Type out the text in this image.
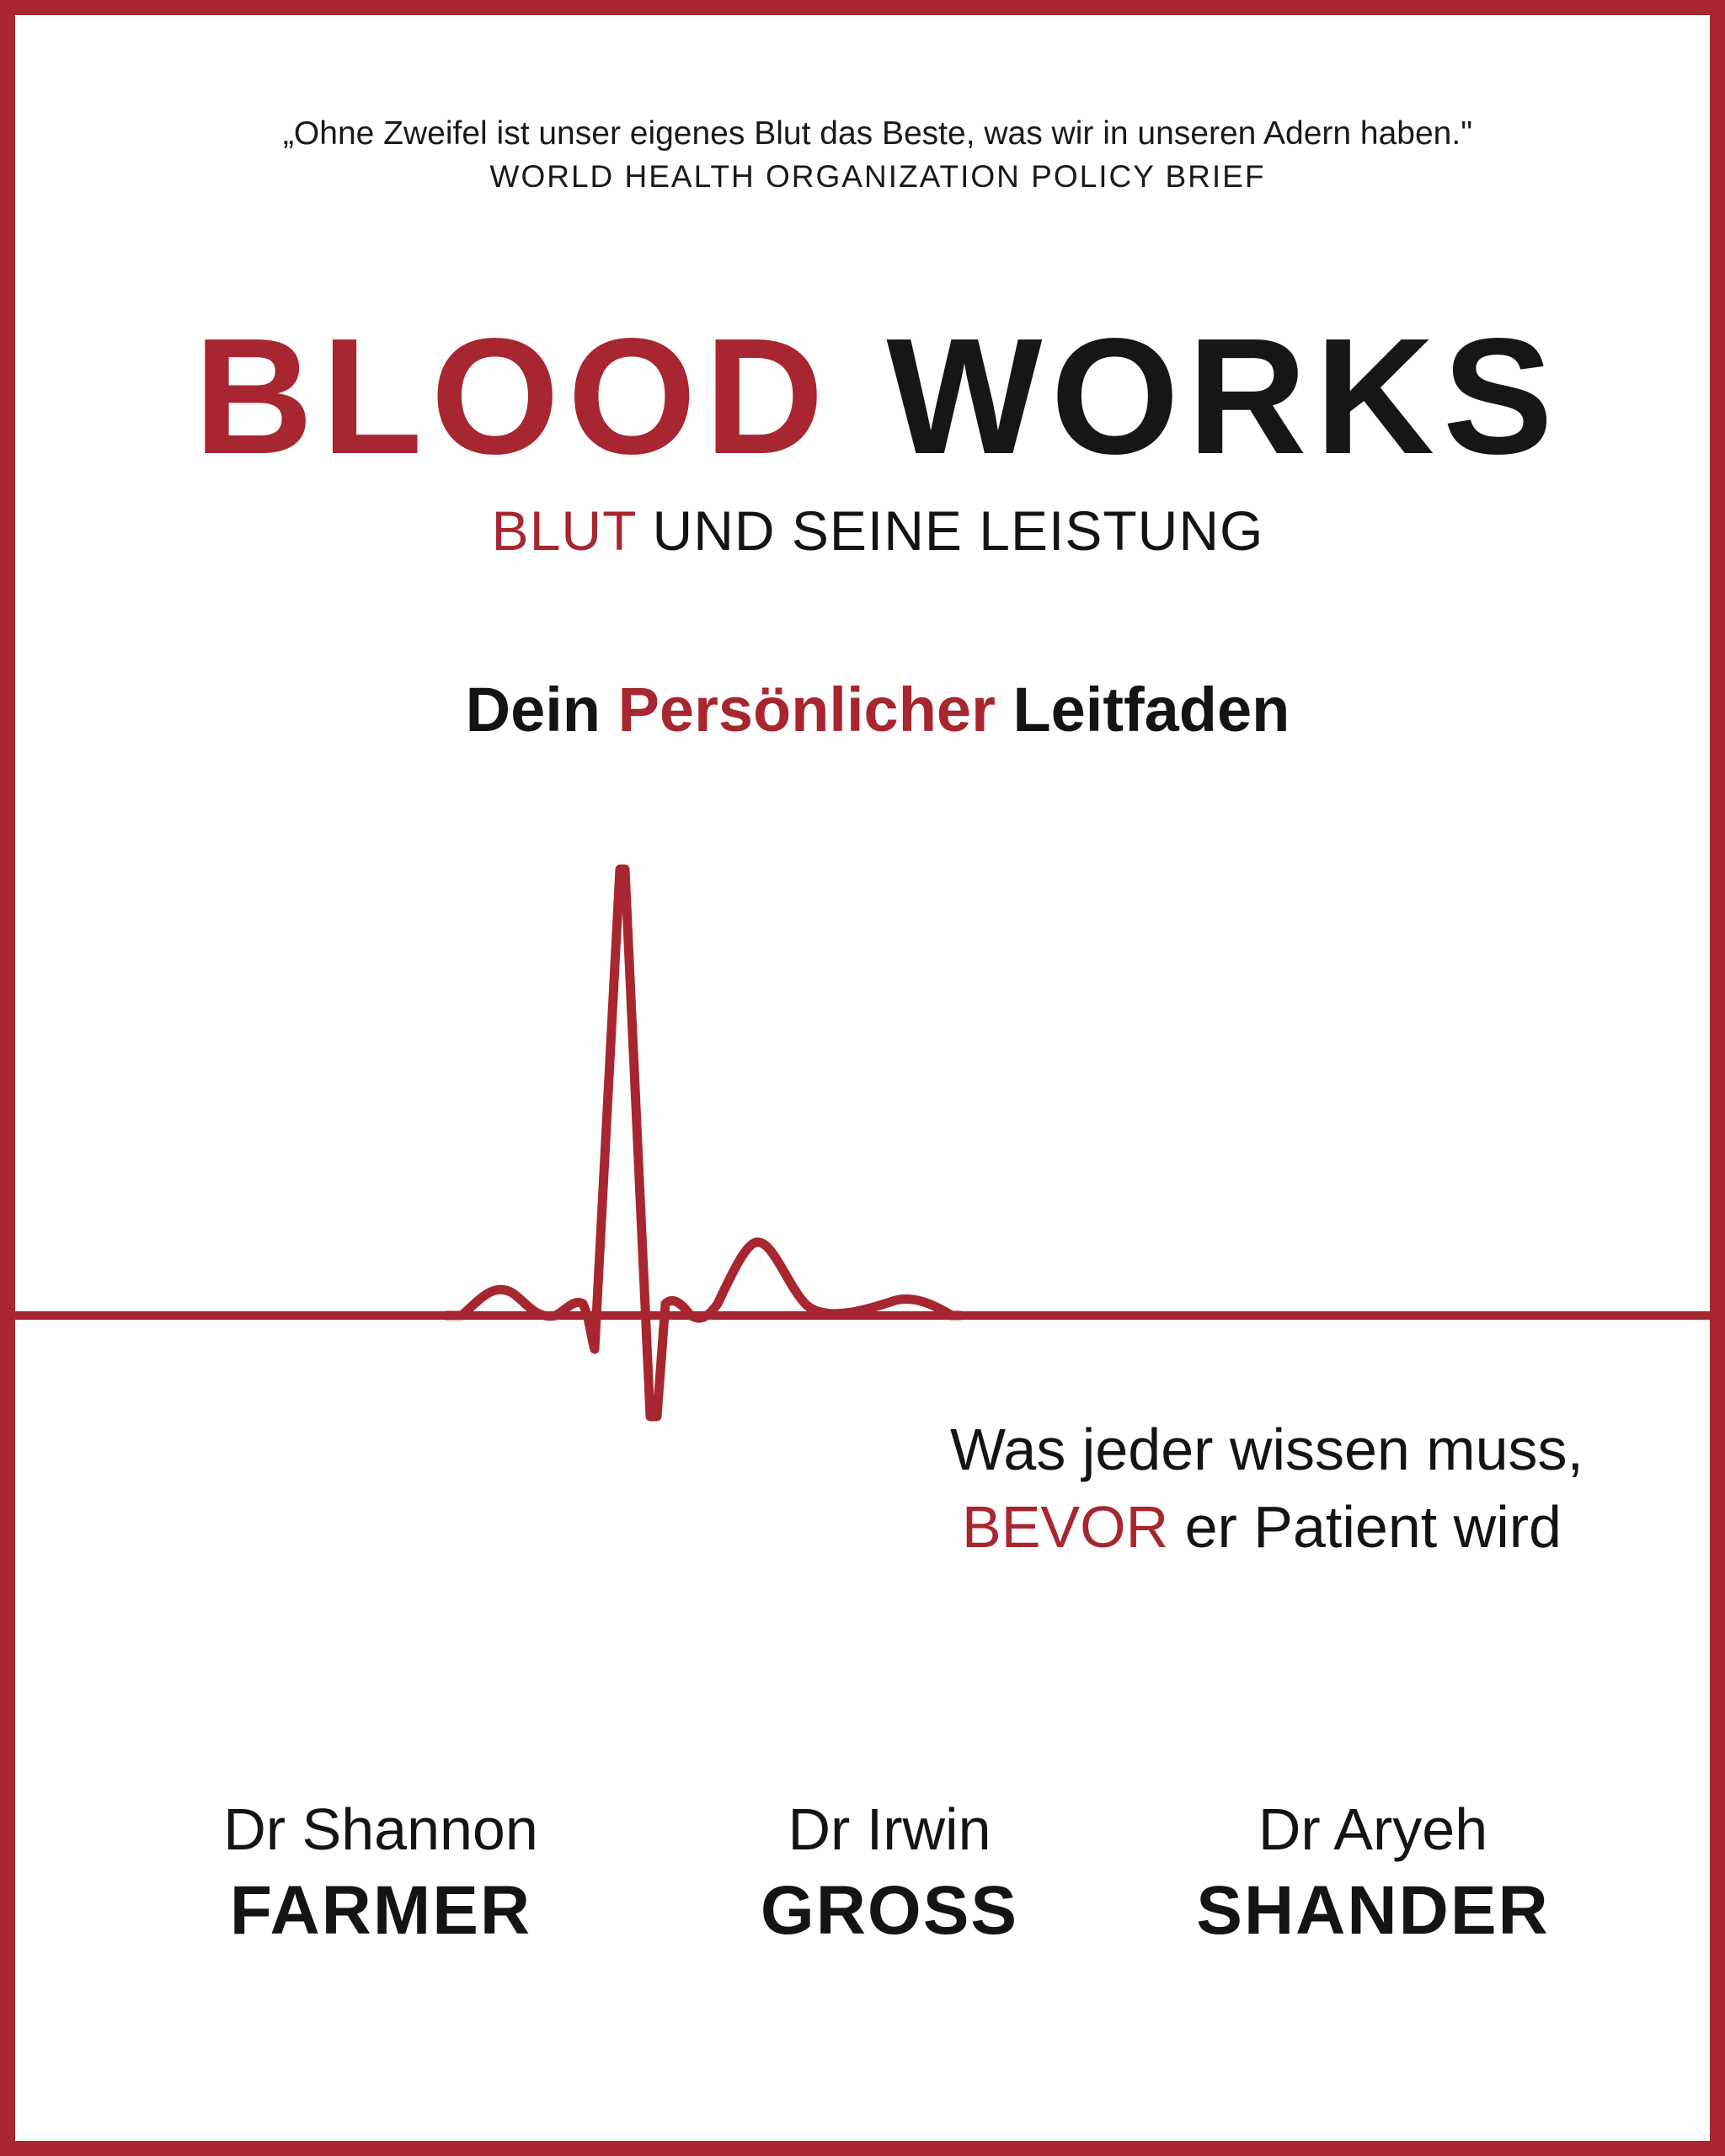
„Ohne Zweifel ist unser eigenes Blut das Beste, was wir in unseren Adern haben."
WORLD HEALTH ORGANIZATION POLICY BRIEF
BLOOD WORKS
BLUT UND SEINE LEISTUNG
Dein Persönlicher Leitfaden
Was jeder wissen muss,
BEVOR er Patient wird
Dr Shannon
FARMER
Dr Irwin
GROSS
Dr Aryeh
SHANDER
